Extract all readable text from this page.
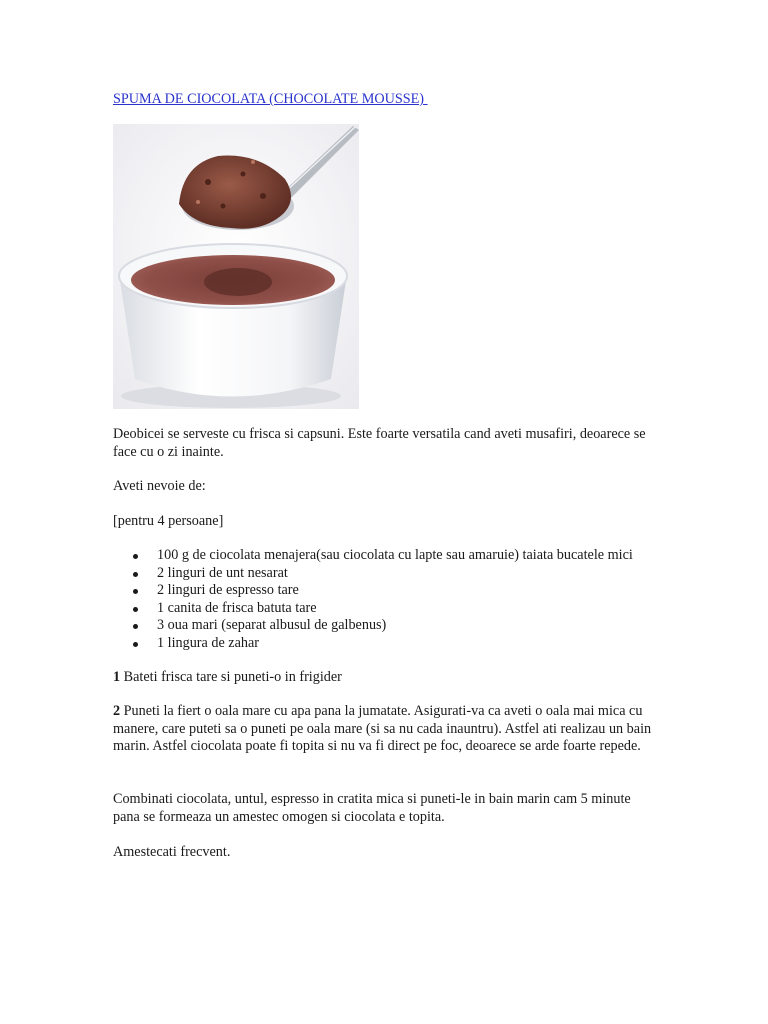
SPUMA DE CIOCOLATA (CHOCOLATE MOUSSE)

Deobicei se serveste cu frisca si capsuni. Este foarte versatila cand aveti musafiri, deoarece se face cu o zi inainte.

Aveti nevoie de:

[pentru 4 persoane]

100 g de ciocolata menajera(sau ciocolata cu lapte sau amaruie) taiata bucatele mici
2 linguri de unt nesarat
2 linguri de espresso tare
1 canita de frisca batuta tare
3 oua mari (separat albusul de galbenus)
1 lingura de zahar

1 Bateti frisca tare si puneti-o in frigider

2 Puneti la fiert o oala mare cu apa pana la jumatate. Asigurati-va ca aveti o oala mai mica cu manere, care puteti sa o puneti pe oala mare (si sa nu cada inauntru). Astfel ati realizau un bain marin. Astfel ciocolata poate fi topita si nu va fi direct pe foc, deoarece se arde foarte repede.

Combinati ciocolata, untul, espresso in cratita mica si puneti-le in bain marin cam 5 minute pana se formeaza un amestec omogen si ciocolata e topita.

Amestecati frecvent.
